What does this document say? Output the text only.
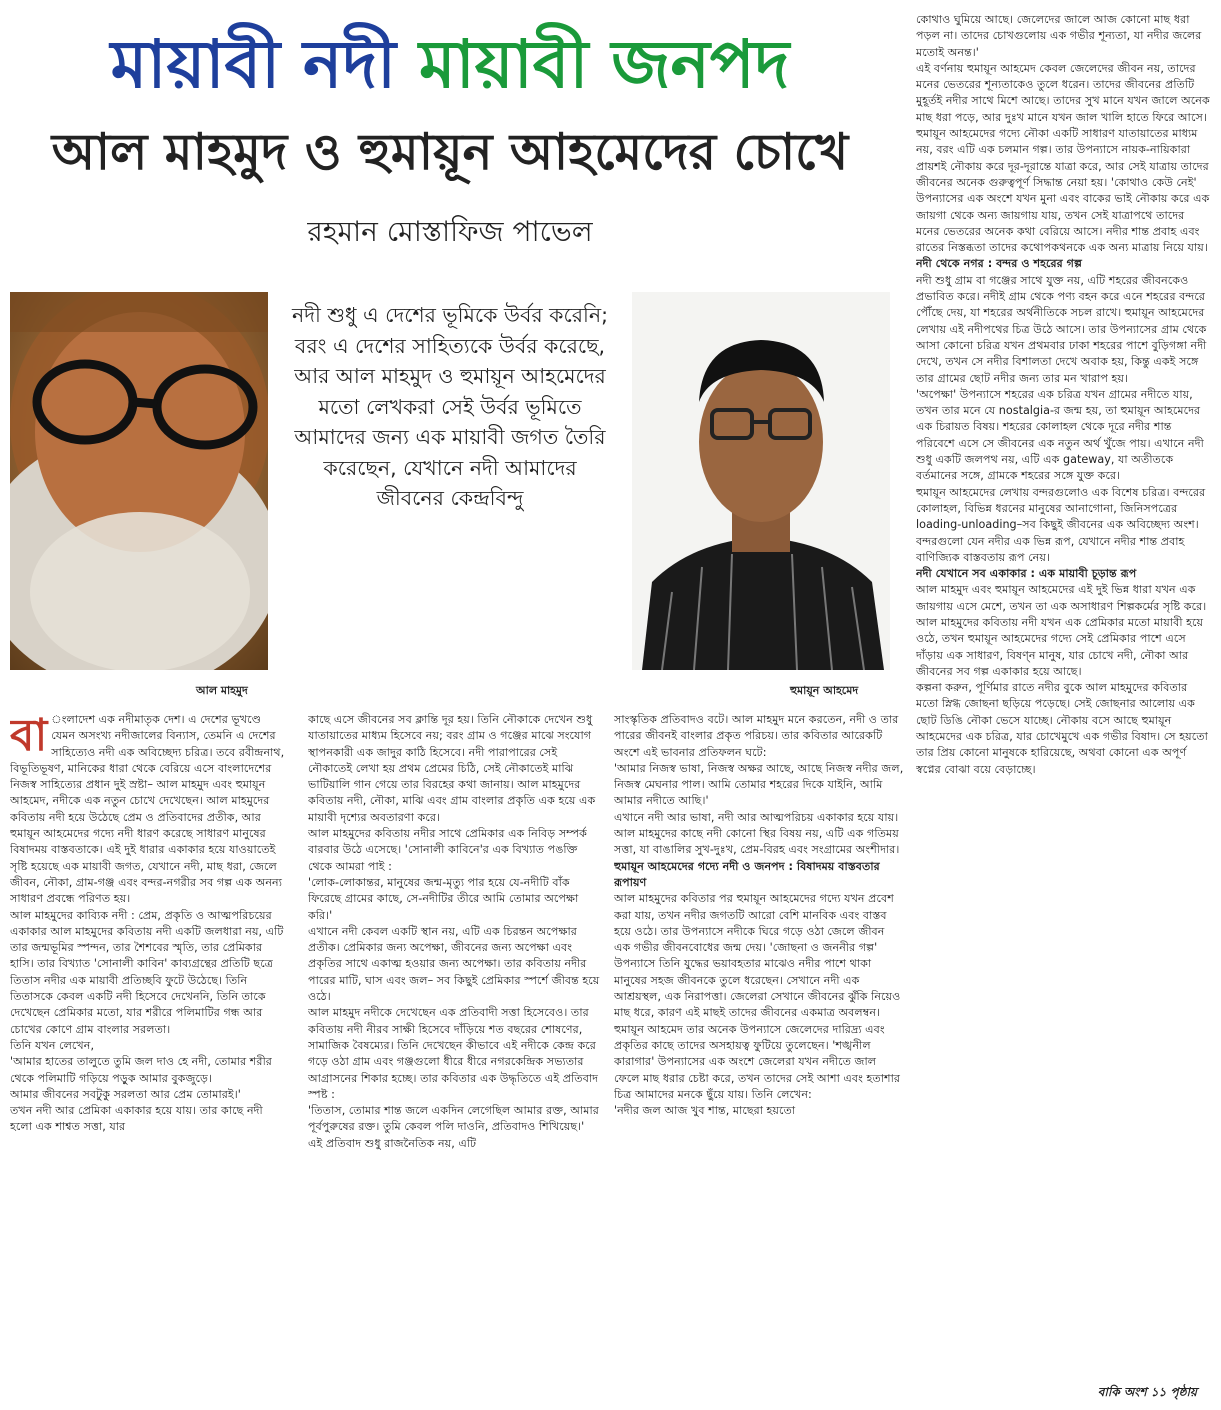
মায়াবী নদী মায়াবী জনপদ
আল মাহমুদ ও হুমায়ূন আহমেদের চোখে
রহমান মোস্তাফিজ পাভেল
আল মাহমুদ
নদী শুধু এ দেশের ভূমিকে উর্বর করেনি; বরং এ দেশের সাহিত্যকে উর্বর করেছে, আর আল মাহমুদ ও হুমায়ূন আহমেদের মতো লেখকরা সেই উর্বর ভূমিতে আমাদের জন্য এক মায়াবী জগত তৈরি করেছেন, যেখানে নদী আমাদের জীবনের কেন্দ্রবিন্দু
হুমায়ূন আহমেদ

বা ংলাদেশ এক নদীমাতৃক দেশ। এ দেশের ভূখণ্ডে যেমন অসংখ্য নদীজালের বিন্যাস, তেমনি এ দেশের সাহিত্যেও নদী এক অবিচ্ছেদ্য চরিত্র। তবে রবীন্দ্রনাথ, বিভূতিভূষণ, মানিকের ধারা থেকে বেরিয়ে এসে বাংলাদেশের নিজস্ব সাহিত্যের প্রধান দুই স্রষ্টা– আল মাহমুদ এবং হুমায়ূন আহমেদ, নদীকে এক নতুন চোখে দেখেছেন। আল মাহমুদের কবিতায় নদী হয়ে উঠেছে প্রেম ও প্রতিবাদের প্রতীক, আর হুমায়ূন আহমেদের গদ্যে নদী ধারণ করেছে সাধারণ মানুষের বিষাদময় বাস্তবতাকে। এই দুই ধারার একাকার হয়ে যাওয়াতেই সৃষ্টি হয়েছে এক মায়াবী জগত, যেখানে নদী, মাছ ধরা, জেলে জীবন, নৌকা, গ্রাম-গঞ্জ এবং বন্দর-নগরীর সব গল্প এক অনন্য সাধারণ প্রবন্ধে পরিণত হয়।

আল মাহমুদের কাব্যিক নদী : প্রেম, প্রকৃতি ও আত্মপরিচয়ের একাকার আল মাহমুদের কবিতায় নদী একটি জলধারা নয়, এটি তার জন্মভূমির স্পন্দন, তার শৈশবের স্মৃতি, তার প্রেমিকার হাসি। তার বিখ্যাত 'সোনালী কাবিন' কাব্যগ্রন্থের প্রতিটি ছত্রে তিতাস নদীর এক মায়াবী প্রতিচ্ছবি ফুটে উঠেছে। তিনি তিতাসকে কেবল একটি নদী হিসেবে দেখেননি, তিনি তাকে দেখেছেন প্রেমিকার মতো, যার শরীরে পলিমাটির গন্ধ আর চোখের কোণে গ্রাম বাংলার সরলতা।

তিনি যখন লেখেন,

'আমার হাতের তালুতে তুমি জল দাও হে নদী, তোমার শরীর থেকে পলিমাটি গড়িয়ে পড়ুক আমার বুকজুড়ে।

আমার জীবনের সবটুকু সরলতা আর প্রেম তোমারই।'

তখন নদী আর প্রেমিকা একাকার হয়ে যায়। তার কাছে নদী হলো এক শাশ্বত সত্তা, যার

কাছে এসে জীবনের সব ক্লান্তি দূর হয়। তিনি নৌকাকে দেখেন শুধু যাতায়াতের মাধ্যম হিসেবে নয়; বরং গ্রাম ও গঞ্জের মাঝে সংযোগ স্থাপনকারী এক জাদুর কাঠি হিসেবে। নদী পারাপারের সেই নৌকাতেই লেখা হয় প্রথম প্রেমের চিঠি, সেই নৌকাতেই মাঝি ভাটিয়ালি গান গেয়ে তার বিরহের কথা জানায়। আল মাহমুদের কবিতায় নদী, নৌকা, মাঝি এবং গ্রাম বাংলার প্রকৃতি এক হয়ে এক মায়াবী দৃশ্যের অবতারণা করে।

আল মাহমুদের কবিতায় নদীর সাথে প্রেমিকার এক নিবিড় সম্পর্ক বারবার উঠে এসেছে। 'সোনালী কাবিনে'র এক বিখ্যাত পঙক্তি থেকে আমরা পাই :

'লোক-লোকান্তর, মানুষের জন্ম-মৃত্যু পার হয়ে যে-নদীটি বাঁক ফিরেছে গ্রামের কাছে, সে-নদীটির তীরে আমি তোমার অপেক্ষা করি।'

এখানে নদী কেবল একটি স্থান নয়, এটি এক চিরন্তন অপেক্ষার প্রতীক। প্রেমিকার জন্য অপেক্ষা, জীবনের জন্য অপেক্ষা এবং প্রকৃতির সাথে একাত্ম হওয়ার জন্য অপেক্ষা। তার কবিতায় নদীর পারের মাটি, ঘাস এবং জল– সব কিছুই প্রেমিকার স্পর্শে জীবন্ত হয়ে ওঠে।

আল মাহমুদ নদীকে দেখেছেন এক প্রতিবাদী সত্তা হিসেবেও। তার কবিতায় নদী নীরব সাক্ষী হিসেবে দাঁড়িয়ে শত বছরের শোষণের, সামাজিক বৈষম্যের। তিনি দেখেছেন কীভাবে এই নদীকে কেন্দ্র করে গড়ে ওঠা গ্রাম এবং গঞ্জগুলো ধীরে ধীরে নগরকেন্দ্রিক সভ্যতার আগ্রাসনের শিকার হচ্ছে। তার কবিতার এক উদ্ধৃতিতে এই প্রতিবাদ স্পষ্ট :

'তিতাস, তোমার শান্ত জলে একদিন লেগেছিল আমার রক্ত, আমার পূর্বপুরুষের রক্ত। তুমি কেবল পলি দাওনি, প্রতিবাদও শিখিয়েছ।'

এই প্রতিবাদ শুধু রাজনৈতিক নয়, এটি

সাংস্কৃতিক প্রতিবাদও বটে। আল মাহমুদ মনে করতেন, নদী ও তার পারের জীবনই বাংলার প্রকৃত পরিচয়। তার কবিতার আরেকটি অংশে এই ভাবনার প্রতিফলন ঘটে:

'আমার নিজস্ব ভাষা, নিজস্ব অক্ষর আছে, আছে নিজস্ব নদীর জল, নিজস্ব মেঘনার পাল। আমি তোমার শহরের দিকে যাইনি, আমি আমার নদীতে আছি।'

এখানে নদী আর ভাষা, নদী আর আত্মপরিচয় একাকার হয়ে যায়। আল মাহমুদের কাছে নদী কোনো স্থির বিষয় নয়, এটি এক গতিময় সত্তা, যা বাঙালির সুখ-দুঃখ, প্রেম-বিরহ এবং সংগ্রামের অংশীদার।

হুমায়ূন আহমেদের গদ্যে নদী ও জনপদ : বিষাদময় বাস্তবতার রূপায়ণ

আল মাহমুদের কবিতার পর হুমায়ূন আহমেদের গদ্যে যখন প্রবেশ করা যায়, তখন নদীর জগতটি আরো বেশি মানবিক এবং বাস্তব হয়ে ওঠে। তার উপন্যাসে নদীকে ঘিরে গড়ে ওঠা জেলে জীবন এক গভীর জীবনবোধের জন্ম দেয়। 'জোছনা ও জননীর গল্প' উপন্যাসে তিনি যুদ্ধের ভয়াবহতার মাঝেও নদীর পাশে থাকা মানুষের সহজ জীবনকে তুলে ধরেছেন। সেখানে নদী এক আশ্রয়স্থল, এক নিরাপত্তা। জেলেরা সেখানে জীবনের ঝুঁকি নিয়েও মাছ ধরে, কারণ এই মাছই তাদের জীবনের একমাত্র অবলম্বন।

হুমায়ূন আহমেদ তার অনেক উপন্যাসে জেলেদের দারিদ্র্য এবং প্রকৃতির কাছে তাদের অসহায়ত্ব ফুটিয়ে তুলেছেন। 'শঙ্খনীল কারাগার' উপন্যাসের এক অংশে জেলেরা যখন নদীতে জাল ফেলে মাছ ধরার চেষ্টা করে, তখন তাদের সেই আশা এবং হতাশার চিত্র আমাদের মনকে ছুঁয়ে যায়। তিনি লেখেন:

'নদীর জল আজ খুব শান্ত, মাছেরা হয়তো

কোথাও ঘুমিয়ে আছে। জেলেদের জালে আজ কোনো মাছ ধরা পড়ল না। তাদের চোখগুলোয় এক গভীর শূন্যতা, যা নদীর জলের মতোই অনন্ত।'

এই বর্ণনায় হুমায়ূন আহমেদ কেবল জেলেদের জীবন নয়, তাদের মনের ভেতরের শূন্যতাকেও তুলে ধরেন। তাদের জীবনের প্রতিটি মুহূর্তই নদীর সাথে মিশে আছে। তাদের সুখ মানে যখন জালে অনেক মাছ ধরা পড়ে, আর দুঃখ মানে যখন জাল খালি হাতে ফিরে আসে।

হুমায়ূন আহমেদের গদ্যে নৌকা একটি সাধারণ যাতায়াতের মাধ্যম নয়, বরং এটি এক চলমান গল্প। তার উপন্যাসে নায়ক-নায়িকারা প্রায়শই নৌকায় করে দূর-দূরান্তে যাত্রা করে, আর সেই যাত্রায় তাদের জীবনের অনেক গুরুত্বপূর্ণ সিদ্ধান্ত নেয়া হয়। 'কোথাও কেউ নেই' উপন্যাসের এক অংশে যখন মুনা এবং বাকের ভাই নৌকায় করে এক জায়গা থেকে অন্য জায়গায় যায়, তখন সেই যাত্রাপথে তাদের মনের ভেতরের অনেক কথা বেরিয়ে আসে। নদীর শান্ত প্রবাহ এবং রাতের নিস্তব্ধতা তাদের কথোপকথনকে এক অন্য মাত্রায় নিয়ে যায়।

নদী থেকে নগর : বন্দর ও শহরের গল্প

নদী শুধু গ্রাম বা গঞ্জের সাথে যুক্ত নয়, এটি শহরের জীবনকেও প্রভাবিত করে। নদীই গ্রাম থেকে পণ্য বহন করে এনে শহরের বন্দরে পৌঁছে দেয়, যা শহরের অর্থনীতিকে সচল রাখে। হুমায়ূন আহমেদের লেখায় এই নদীপথের চিত্র উঠে আসে। তার উপন্যাসের গ্রাম থেকে আসা কোনো চরিত্র যখন প্রথমবার ঢাকা শহরের পাশে বুড়িগঙ্গা নদী দেখে, তখন সে নদীর বিশালতা দেখে অবাক হয়, কিন্তু একই সঙ্গে তার গ্রামের ছোট নদীর জন্য তার মন খারাপ হয়।

'অপেক্ষা' উপন্যাসে শহরের এক চরিত্র যখন গ্রামের নদীতে যায়, তখন তার মনে যে nostalgia-র জন্ম হয়, তা হুমায়ূন আহমেদের এক চিরায়ত বিষয়। শহরের কোলাহল থেকে দূরে নদীর শান্ত পরিবেশে এসে সে জীবনের এক নতুন অর্থ খুঁজে পায়। এখানে নদী শুধু একটি জলপথ নয়, এটি এক gateway, যা অতীতকে বর্তমানের সঙ্গে, গ্রামকে শহরের সঙ্গে যুক্ত করে।

হুমায়ূন আহমেদের লেখায় বন্দরগুলোও এক বিশেষ চরিত্র। বন্দরের কোলাহল, বিভিন্ন ধরনের মানুষের আনাগোনা, জিনিসপত্রের loading-unloading–সব কিছুই জীবনের এক অবিচ্ছেদ্য অংশ। বন্দরগুলো যেন নদীর এক ভিন্ন রূপ, যেখানে নদীর শান্ত প্রবাহ বাণিজ্যিক বাস্তবতায় রূপ নেয়।

নদী যেখানে সব একাকার : এক মায়াবী চূড়ান্ত রূপ

আল মাহমুদ এবং হুমায়ূন আহমেদের এই দুই ভিন্ন ধারা যখন এক জায়গায় এসে মেশে, তখন তা এক অসাধারণ শিল্পকর্মের সৃষ্টি করে। আল মাহমুদের কবিতায় নদী যখন এক প্রেমিকার মতো মায়াবী হয়ে ওঠে, তখন হুমায়ূন আহমেদের গদ্যে সেই প্রেমিকার পাশে এসে দাঁড়ায় এক সাধারণ, বিষণ্ন মানুষ, যার চোখে নদী, নৌকা আর জীবনের সব গল্প একাকার হয়ে আছে।

কল্পনা করুন, পূর্ণিমার রাতে নদীর বুকে আল মাহমুদের কবিতার মতো স্নিগ্ধ জোছনা ছড়িয়ে পড়েছে। সেই জোছনার আলোয় এক ছোট ডিঙি নৌকা ভেসে যাচ্ছে। নৌকায় বসে আছে হুমায়ূন আহমেদের এক চরিত্র, যার চোখেমুখে এক গভীর বিষাদ। সে হয়তো তার প্রিয় কোনো মানুষকে হারিয়েছে, অথবা কোনো এক অপূর্ণ স্বপ্নের বোঝা বয়ে বেড়াচ্ছে।

বাকি অংশ ১১ পৃষ্ঠায়
